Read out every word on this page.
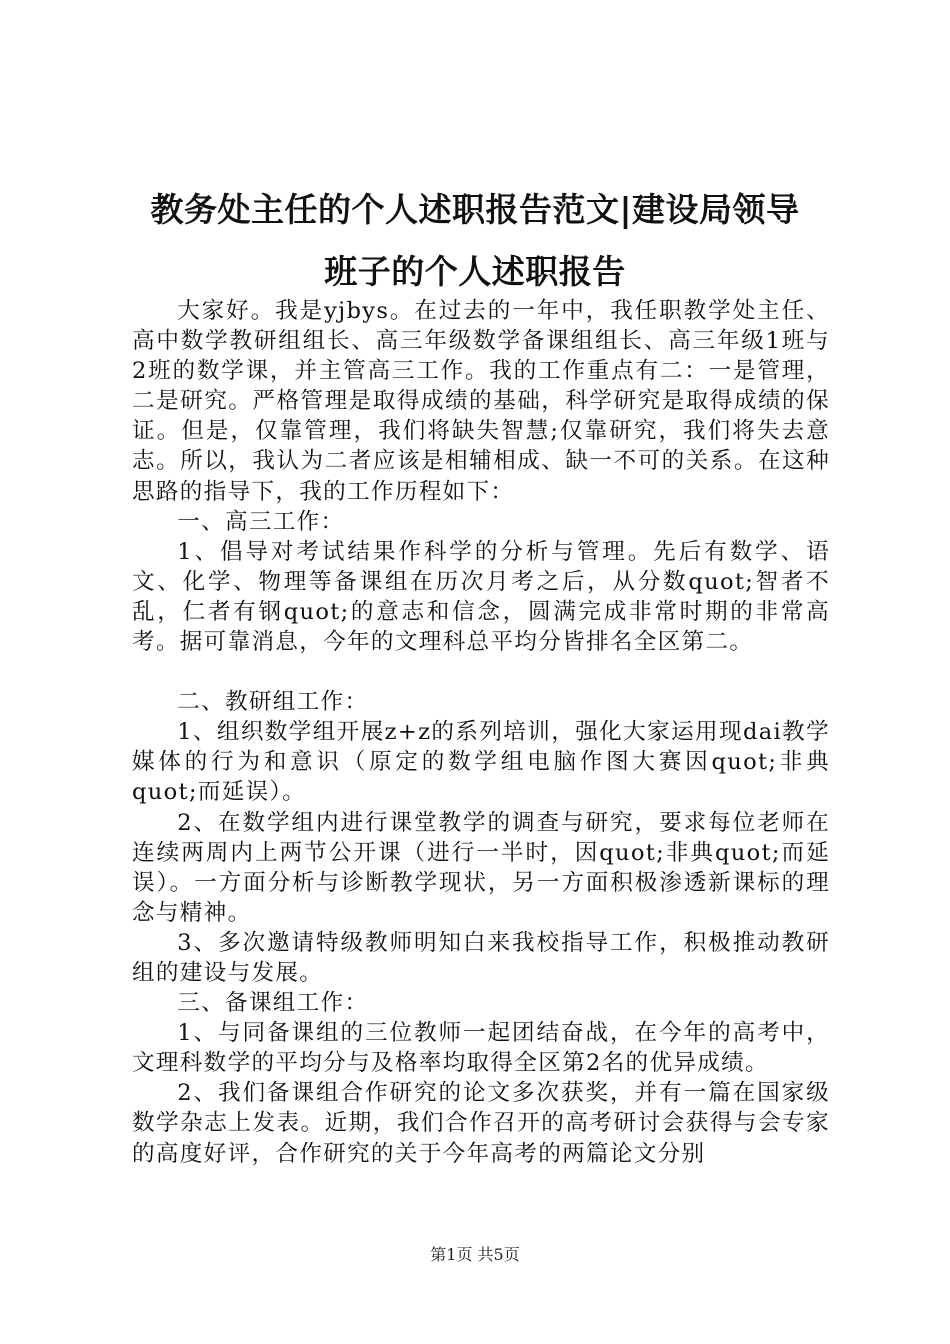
教务处主任的个人述职报告范文|建设局领导
班子的个人述职报告

大家好。我是yjbys。在过去的一年中，我任职教学处主任、高中数学教研组组长、高三年级数学备课组组长、高三年级1班与2班的数学课，并主管高三工作。我的工作重点有二：一是管理，二是研究。严格管理是取得成绩的基础，科学研究是取得成绩的保证。但是，仅靠管理，我们将缺失智慧;仅靠研究，我们将失去意志。所以，我认为二者应该是相辅相成、缺一不可的关系。在这种思路的指导下，我的工作历程如下：

一、高三工作：

1、倡导对考试结果作科学的分析与管理。先后有数学、语文、化学、物理等备课组在历次月考之后，从分数quot;智者不乱，仁者有钢quot;的意志和信念，圆满完成非常时期的非常高考。据可靠消息，今年的文理科总平均分皆排名全区第二。

二、教研组工作：

1、组织数学组开展z+z的系列培训，强化大家运用现dai教学媒体的行为和意识（原定的数学组电脑作图大赛因quot;非典quot;而延误）。

2、在数学组内进行课堂教学的调查与研究，要求每位老师在连续两周内上两节公开课（进行一半时，因quot;非典quot;而延误）。一方面分析与诊断教学现状，另一方面积极渗透新课标的理念与精神。

3、多次邀请特级教师明知白来我校指导工作，积极推动教研组的建设与发展。

三、备课组工作：

1、与同备课组的三位教师一起团结奋战，在今年的高考中，文理科数学的平均分与及格率均取得全区第2名的优异成绩。

2、我们备课组合作研究的论文多次获奖，并有一篇在国家级数学杂志上发表。近期，我们合作召开的高考研讨会获得与会专家的高度好评，合作研究的关于今年高考的两篇论文分别

第1页 共5页
